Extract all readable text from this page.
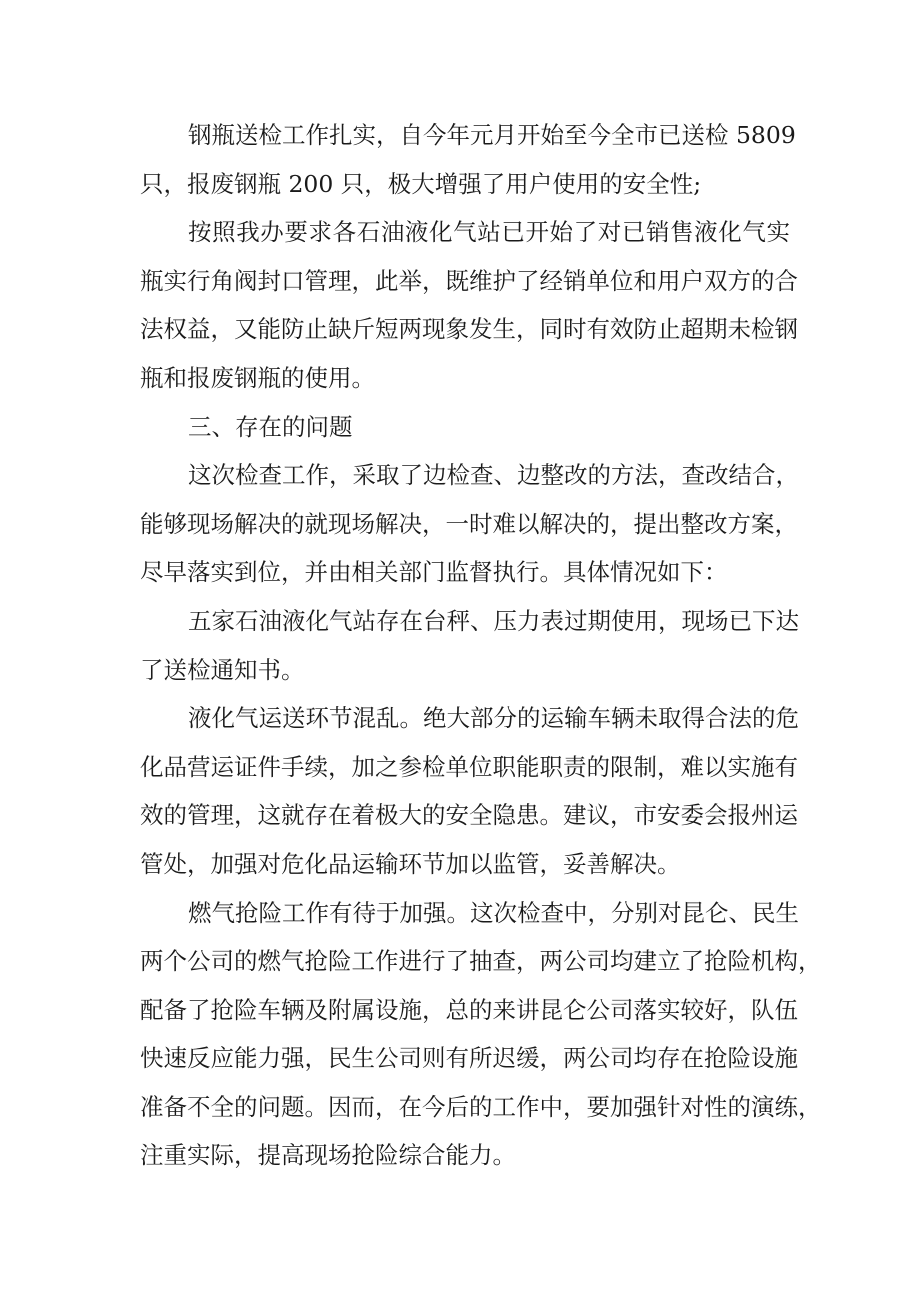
钢瓶送检工作扎实，自今年元月开始至今全市已送检 5809
只，报废钢瓶 200 只，极大增强了用户使用的安全性;
按照我办要求各石油液化气站已开始了对已销售液化气实
瓶实行角阀封口管理，此举，既维护了经销单位和用户双方的合
法权益，又能防止缺斤短两现象发生，同时有效防止超期未检钢
瓶和报废钢瓶的使用。
三、存在的问题
这次检查工作，采取了边检查、边整改的方法，查改结合，
能够现场解决的就现场解决，一时难以解决的，提出整改方案，
尽早落实到位，并由相关部门监督执行。具体情况如下：
五家石油液化气站存在台秤、压力表过期使用，现场已下达
了送检通知书。
液化气运送环节混乱。绝大部分的运输车辆未取得合法的危
化品营运证件手续，加之参检单位职能职责的限制，难以实施有
效的管理，这就存在着极大的安全隐患。建议，市安委会报州运
管处，加强对危化品运输环节加以监管，妥善解决。
燃气抢险工作有待于加强。这次检查中，分别对昆仑、民生
两个公司的燃气抢险工作进行了抽查，两公司均建立了抢险机构，
配备了抢险车辆及附属设施，总的来讲昆仑公司落实较好，队伍
快速反应能力强，民生公司则有所迟缓，两公司均存在抢险设施
准备不全的问题。因而，在今后的工作中，要加强针对性的演练，
注重实际，提高现场抢险综合能力。
